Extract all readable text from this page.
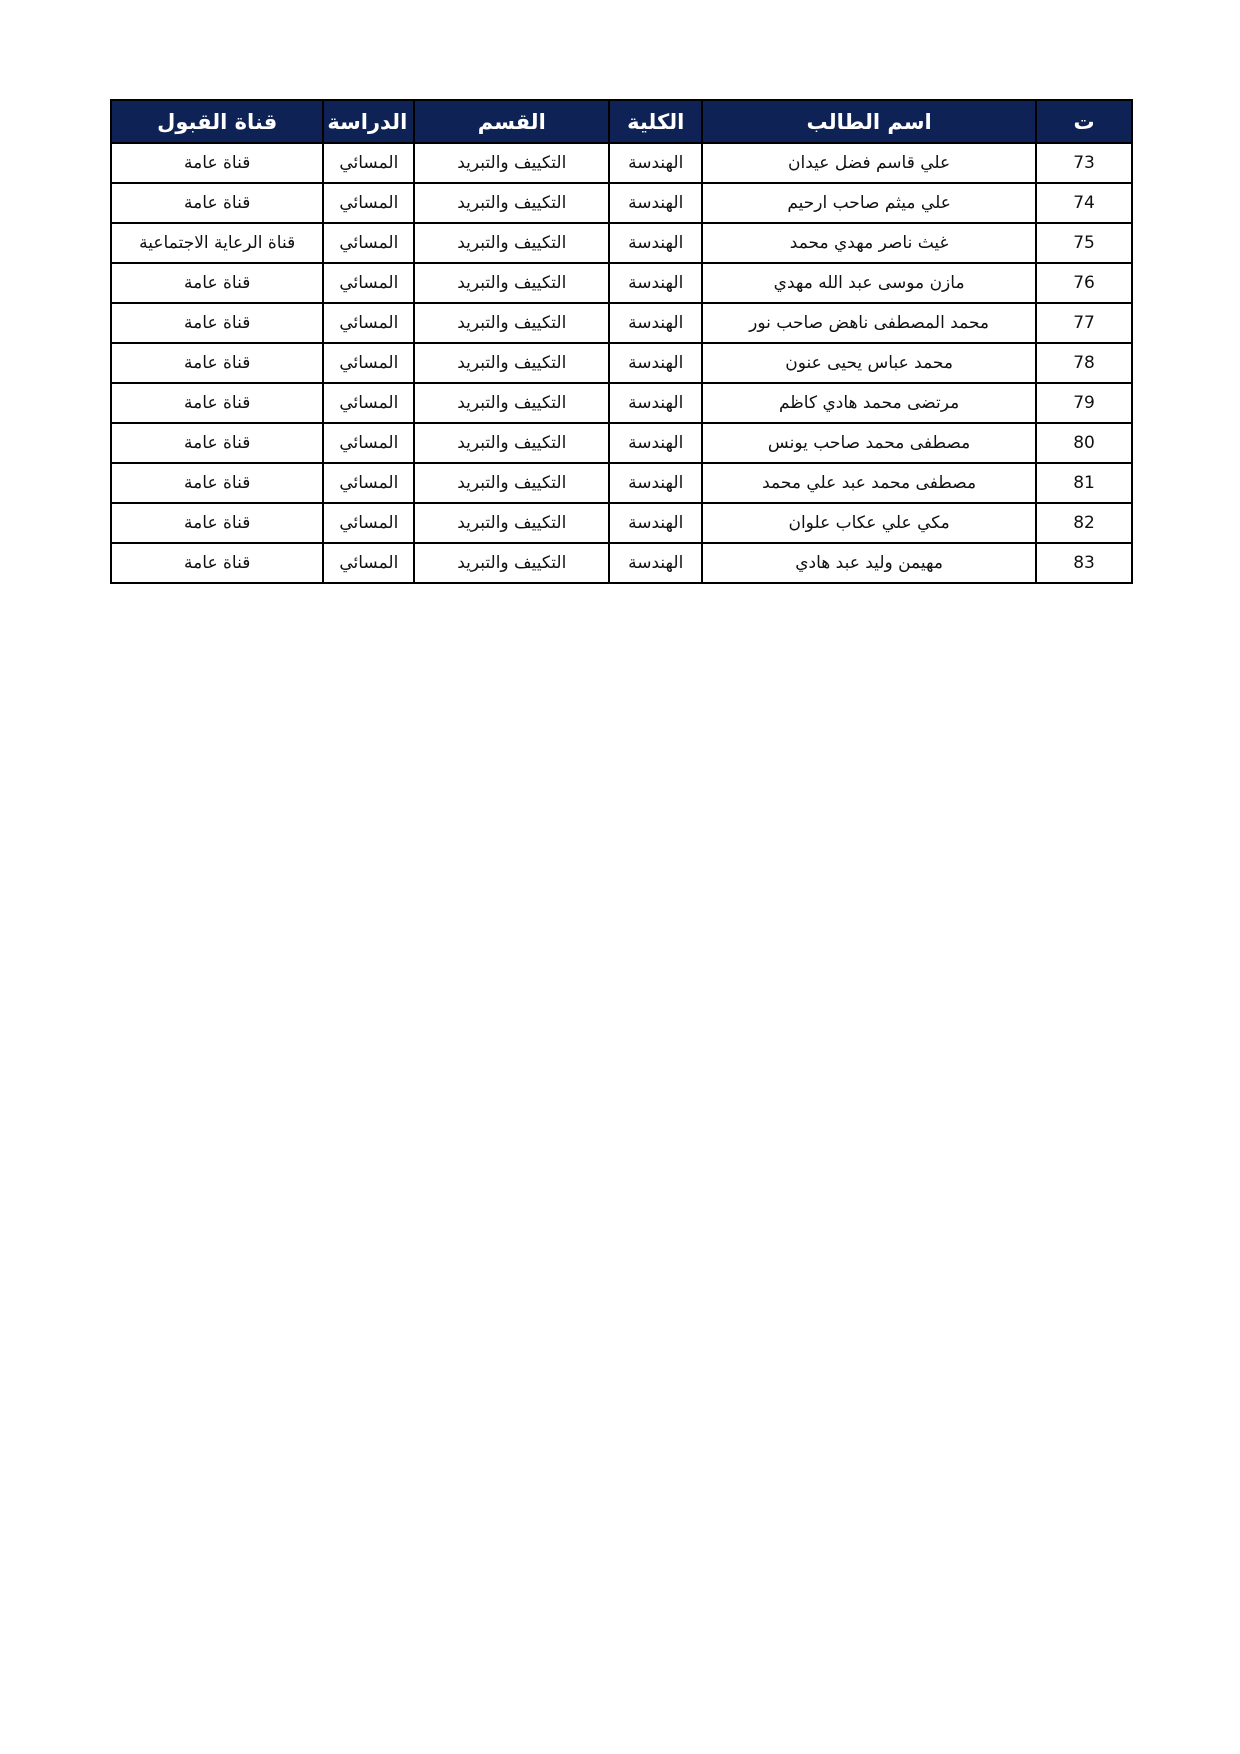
ت	اسم الطالب	الكلية	القسم	الدراسة	قناة القبول
73	علي قاسم فضل عيدان	الهندسة	التكييف والتبريد	المسائي	قناة عامة
74	علي ميثم صاحب ارحيم	الهندسة	التكييف والتبريد	المسائي	قناة عامة
75	غيث ناصر مهدي محمد	الهندسة	التكييف والتبريد	المسائي	قناة الرعاية الاجتماعية
76	مازن موسى عبد الله مهدي	الهندسة	التكييف والتبريد	المسائي	قناة عامة
77	محمد المصطفى ناهض صاحب نور	الهندسة	التكييف والتبريد	المسائي	قناة عامة
78	محمد عباس يحيى عنون	الهندسة	التكييف والتبريد	المسائي	قناة عامة
79	مرتضى محمد هادي كاظم	الهندسة	التكييف والتبريد	المسائي	قناة عامة
80	مصطفى محمد صاحب يونس	الهندسة	التكييف والتبريد	المسائي	قناة عامة
81	مصطفى محمد عبد علي محمد	الهندسة	التكييف والتبريد	المسائي	قناة عامة
82	مكي علي عكاب علوان	الهندسة	التكييف والتبريد	المسائي	قناة عامة
83	مهيمن وليد عبد هادي	الهندسة	التكييف والتبريد	المسائي	قناة عامة
